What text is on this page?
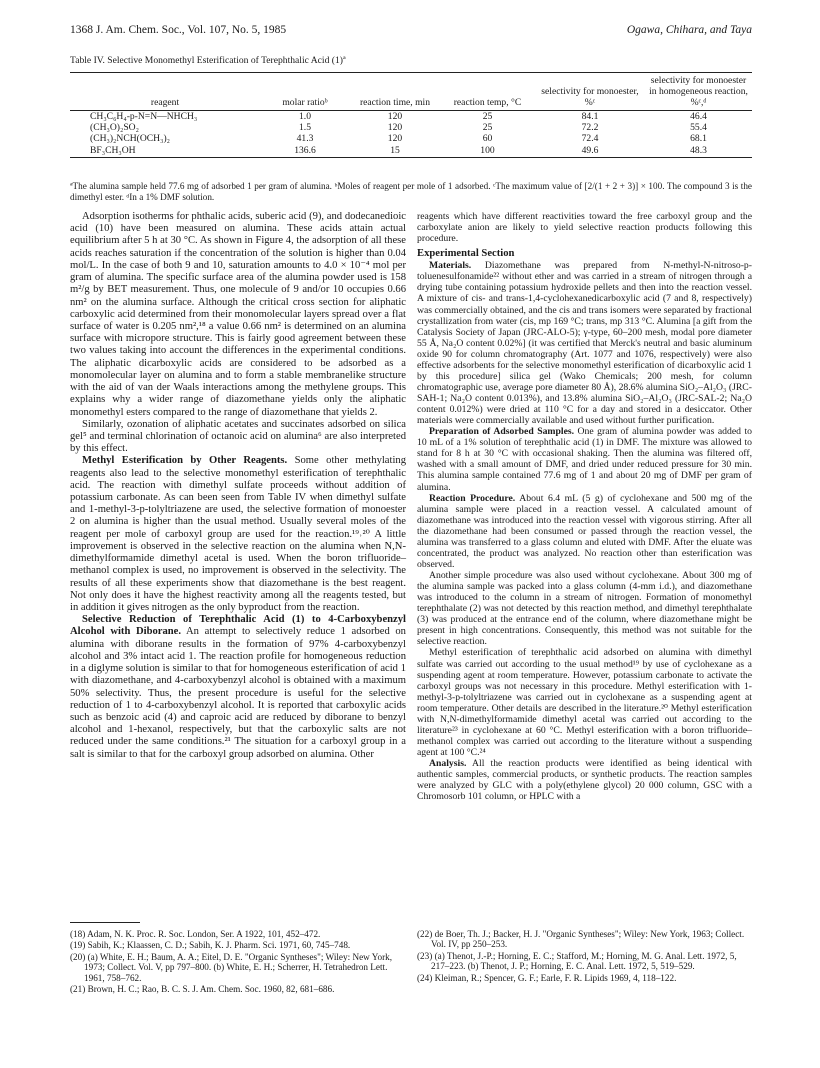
1368 J. Am. Chem. Soc., Vol. 107, No. 5, 1985	Ogawa, Chihara, and Taya
Table IV. Selective Monomethyl Esterification of Terephthalic Acid (1)ª
reagent	molar ratioᵇ	reaction time, min	reaction temp, °C	selectivity for monoester, %ᶜ	selectivity for monoester in homogeneous reaction, %ᶜ,ᵈ
CH₃C₆H₄-p-N=N—NHCH₃	1.0	120	25	84.1	46.4
(CH₃O)₂SO₂	1.5	120	25	72.2	55.4
(CH₃)₂NCH(OCH₃)₂	41.3	120	60	72.4	68.1
BF₃CH₃OH	136.6	15	100	49.6	48.3
ªThe alumina sample held 77.6 mg of adsorbed 1 per gram of alumina. ᵇMoles of reagent per mole of 1 adsorbed. ᶜThe maximum value of [2/(1 + 2 + 3)] × 100. The compound 3 is the dimethyl ester. ᵈIn a 1% DMF solution.

Adsorption isotherms for phthalic acids, suberic acid (9), and dodecanedioic acid (10) have been measured on alumina. These acids attain actual equilibrium after 5 h at 30 °C. As shown in Figure 4, the adsorption of all these acids reaches saturation if the concentration of the solution is higher than 0.04 mol/L. In the case of both 9 and 10, saturation amounts to 4.0 × 10⁻⁴ mol per gram of alumina. The specific surface area of the alumina powder used is 158 m²/g by BET measurement. Thus, one molecule of 9 and/or 10 occupies 0.66 nm² on the alumina surface. Although the critical cross section for aliphatic carboxylic acid determined from their monomolecular layers spread over a flat surface of water is 0.205 nm²,¹⁸ a value 0.66 nm² is determined on an alumina surface with micropore structure. This is fairly good agreement between these two values taking into account the differences in the experimental conditions. The aliphatic dicarboxylic acids are considered to be adsorbed as a monomolecular layer on alumina and to form a stable membranelike structure with the aid of van der Waals interactions among the methylene groups. This explains why a wider range of diazomethane yields only the aliphatic monomethyl esters compared to the range of diazomethane that yields 2.

Similarly, ozonation of aliphatic acetates and succinates adsorbed on silica gel⁵ and terminal chlorination of octanoic acid on alumina⁶ are also interpreted by this effect.

Methyl Esterification by Other Reagents. Some other methylating reagents also lead to the selective monomethyl esterification of terephthalic acid. The reaction with dimethyl sulfate proceeds without addition of potassium carbonate. As can been seen from Table IV when dimethyl sulfate and 1-methyl-3-p-tolyltriazene are used, the selective formation of monoester 2 on alumina is higher than the usual method. Usually several moles of the reagent per mole of carboxyl group are used for the reaction.¹⁹˒²⁰ A little improvement is observed in the selective reaction on the alumina when N,N-dimethylformamide dimethyl acetal is used. When the boron trifluoride–methanol complex is used, no improvement is observed in the selectivity. The results of all these experiments show that diazomethane is the best reagent. Not only does it have the highest reactivity among all the reagents tested, but in addition it gives nitrogen as the only byproduct from the reaction.

Selective Reduction of Terephthalic Acid (1) to 4-Carboxybenzyl Alcohol with Diborane. An attempt to selectively reduce 1 adsorbed on alumina with diborane results in the formation of 97% 4-carboxybenzyl alcohol and 3% intact acid 1. The reaction profile for homogeneous reduction in a diglyme solution is similar to that for homogeneous esterification of acid 1 with diazomethane, and 4-carboxybenzyl alcohol is obtained with a maximum 50% selectivity. Thus, the present procedure is useful for the selective reduction of 1 to 4-carboxybenzyl alcohol. It is reported that carboxylic acids such as benzoic acid (4) and caproic acid are reduced by diborane to benzyl alcohol and 1-hexanol, respectively, but that the carboxylic salts are not reduced under the same conditions.²¹ The situation for a carboxyl group in a salt is similar to that for the carboxyl group adsorbed on alumina. Other

reagents which have different reactivities toward the free carboxyl group and the carboxylate anion are likely to yield selective reaction products following this procedure.

Experimental Section

Materials. Diazomethane was prepared from N-methyl-N-nitroso-p-toluenesulfonamide²² without ether and was carried in a stream of nitrogen through a drying tube containing potassium hydroxide pellets and then into the reaction vessel. A mixture of cis- and trans-1,4-cyclohexanedicarboxylic acid (7 and 8, respectively) was commercially obtained, and the cis and trans isomers were separated by fractional crystallization from water (cis, mp 169 °C; trans, mp 313 °C. Alumina [a gift from the Catalysis Society of Japan (JRC-ALO-5); γ-type, 60–200 mesh, modal pore diameter 55 Å, Na₂O content 0.02%] (it was certified that Merck's neutral and basic aluminum oxide 90 for column chromatography (Art. 1077 and 1076, respectively) were also effective adsorbents for the selective monomethyl esterification of dicarboxylic acid 1 by this procedure] silica gel (Wako Chemicals; 200 mesh, for column chromatographic use, average pore diameter 80 Å), 28.6% alumina SiO₂–Al₂O₃ (JRC-SAH-1; Na₂O content 0.013%), and 13.8% alumina SiO₂–Al₂O₃ (JRC-SAL-2; Na₂O content 0.012%) were dried at 110 °C for a day and stored in a desiccator. Other materials were commercially available and used without further purification.

Preparation of Adsorbed Samples. One gram of alumina powder was added to 10 mL of a 1% solution of terephthalic acid (1) in DMF. The mixture was allowed to stand for 8 h at 30 °C with occasional shaking. Then the alumina was filtered off, washed with a small amount of DMF, and dried under reduced pressure for 30 min. This alumina sample contained 77.6 mg of 1 and about 20 mg of DMF per gram of alumina.

Reaction Procedure. About 6.4 mL (5 g) of cyclohexane and 500 mg of the alumina sample were placed in a reaction vessel. A calculated amount of diazomethane was introduced into the reaction vessel with vigorous stirring. After all the diazomethane had been consumed or passed through the reaction vessel, the alumina was transferred to a glass column and eluted with DMF. After the eluate was concentrated, the product was analyzed. No reaction other than esterification was observed.

Another simple procedure was also used without cyclohexane. About 300 mg of the alumina sample was packed into a glass column (4-mm i.d.), and diazomethane was introduced to the column in a stream of nitrogen. Formation of monomethyl terephthalate (2) was not detected by this reaction method, and dimethyl terephthalate (3) was produced at the entrance end of the column, where diazomethane might be present in high concentrations. Consequently, this method was not suitable for the selective reaction.

Methyl esterification of terephthalic acid adsorbed on alumina with dimethyl sulfate was carried out according to the usual method¹⁹ by use of cyclohexane as a suspending agent at room temperature. However, potassium carbonate to activate the carboxyl groups was not necessary in this procedure. Methyl esterification with 1-methyl-3-p-tolyltriazene was carried out in cyclohexane as a suspending agent at room temperature. Other details are described in the literature.²⁰ Methyl esterification with N,N-dimethylformamide dimethyl acetal was carried out according to the literature²³ in cyclohexane at 60 °C. Methyl esterification with a boron trifluoride–methanol complex was carried out according to the literature without a suspending agent at 100 °C.²⁴

Analysis. All the reaction products were identified as being identical with authentic samples, commercial products, or synthetic products. The reaction samples were analyzed by GLC with a poly(ethylene glycol) 20 000 column, GSC with a Chromosorb 101 column, or HPLC with a

(18) Adam, N. K. Proc. R. Soc. London, Ser. A 1922, 101, 452–472.

(19) Sabih, K.; Klaassen, C. D.; Sabih, K. J. Pharm. Sci. 1971, 60, 745–748.

(20) (a) White, E. H.; Baum, A. A.; Eitel, D. E. "Organic Syntheses"; Wiley: New York, 1973; Collect. Vol. V, pp 797–800. (b) White, E. H.; Scherrer, H. Tetrahedron Lett. 1961, 758–762.

(21) Brown, H. C.; Rao, B. C. S. J. Am. Chem. Soc. 1960, 82, 681–686.

(22) de Boer, Th. J.; Backer, H. J. "Organic Syntheses"; Wiley: New York, 1963; Collect. Vol. IV, pp 250–253.

(23) (a) Thenot, J.-P.; Horning, E. C.; Stafford, M.; Horning, M. G. Anal. Lett. 1972, 5, 217–223. (b) Thenot, J. P.; Horning, E. C. Anal. Lett. 1972, 5, 519–529.

(24) Kleiman, R.; Spencer, G. F.; Earle, F. R. Lipids 1969, 4, 118–122.
